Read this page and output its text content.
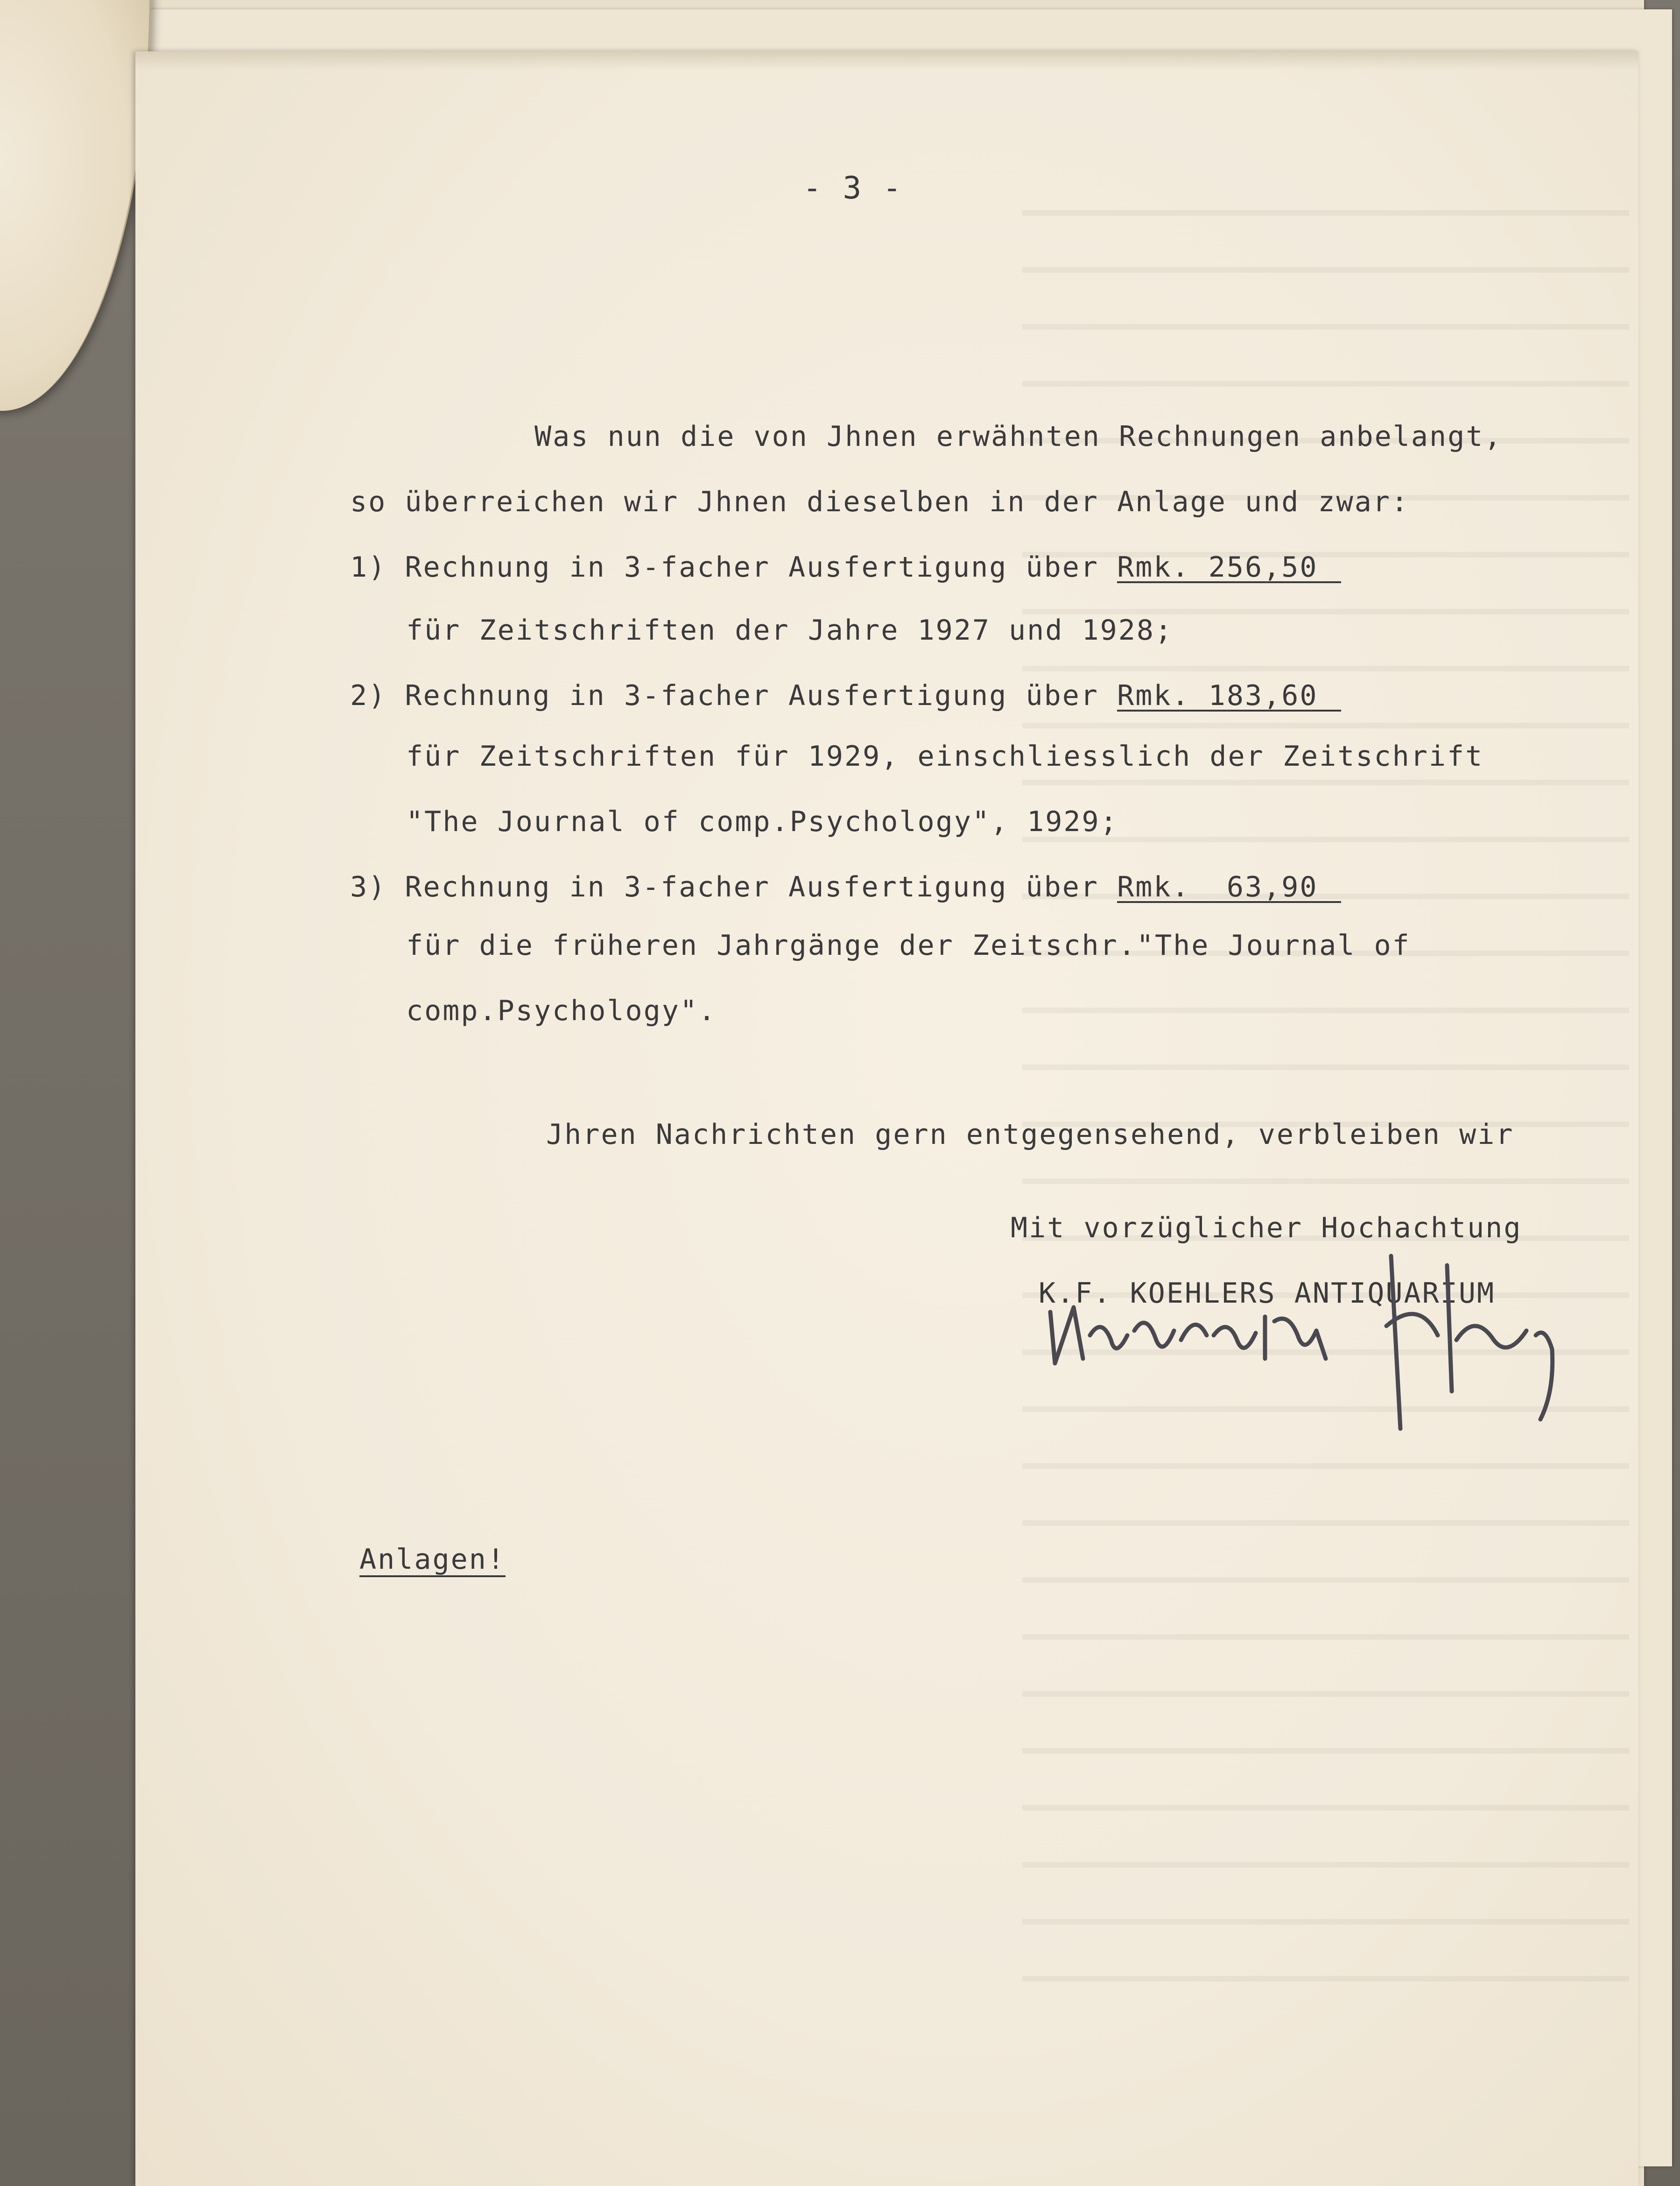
- 3 -
Was nun die von Jhnen erwähnten Rechnungen anbelangt,
so überreichen wir Jhnen dieselben in der Anlage und zwar:
1) Rechnung in 3-facher Ausfertigung über Rmk. 256,50
für Zeitschriften der Jahre 1927 und 1928;
2) Rechnung in 3-facher Ausfertigung über Rmk. 183,60
für Zeitschriften für 1929, einschliesslich der Zeitschrift
"The Journal of comp.Psychology", 1929;
3) Rechnung in 3-facher Ausfertigung über Rmk.  63,90
für die früheren Jahrgänge der Zeitschr."The Journal of
comp.Psychology".
Jhren Nachrichten gern entgegensehend, verbleiben wir
Mit vorzüglicher Hochachtung
K.F. KOEHLERS ANTIQUARIUM
Anlagen!
